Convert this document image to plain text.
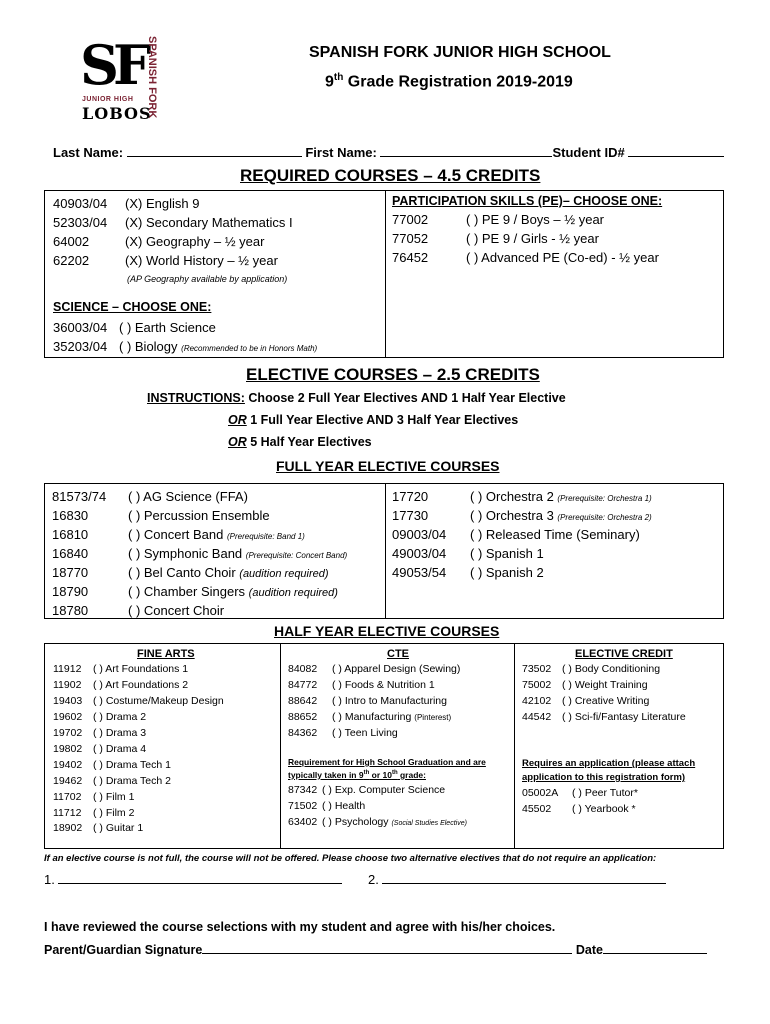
SF SPANISH FORK
JUNIOR HIGH
LOBOS
SPANISH FORK JUNIOR HIGH SCHOOL
9th Grade Registration 2019-2019
Last Name:	First Name:	Student ID#
REQUIRED COURSES – 4.5 CREDITS
40903/04 (X) English 9
52303/04 (X) Secondary Mathematics I
64002	(X) Geography – ½ year
62202	(X) World History – ½ year
(AP Geography available by application)
SCIENCE – CHOOSE ONE:
36003/04 ( ) Earth Science
35203/04 ( ) Biology (Recommended to be in Honors Math)
PARTICIPATION SKILLS (PE)– CHOOSE ONE:
77002	( ) PE 9 / Boys – ½ year
77052	( ) PE 9 / Girls - ½ year
76452	( ) Advanced PE (Co-ed) - ½ year
ELECTIVE COURSES – 2.5 CREDITS
INSTRUCTIONS: Choose 2 Full Year Electives AND 1 Half Year Elective
OR 1 Full Year Elective AND 3 Half Year Electives
OR 5 Half Year Electives
FULL YEAR ELECTIVE COURSES
81573/74 ( ) AG Science (FFA)
16830	( ) Percussion Ensemble
16810	( ) Concert Band (Prerequisite: Band 1)
16840	( ) Symphonic Band (Prerequisite: Concert Band)
18770	( ) Bel Canto Choir (audition required)
18790	( ) Chamber Singers (audition required)
18780	( ) Concert Choir
17720	( ) Orchestra 2 (Prerequisite: Orchestra 1)
17730	( ) Orchestra 3 (Prerequisite: Orchestra 2)
09003/04 ( ) Released Time (Seminary)
49003/04 ( ) Spanish 1
49053/54 ( ) Spanish 2
HALF YEAR ELECTIVE COURSES
FINE ARTS
11912 ( ) Art Foundations 1
11902 ( ) Art Foundations 2
19403 ( ) Costume/Makeup Design
19602 ( ) Drama 2
19702 ( ) Drama 3
19802 ( ) Drama 4
19402 ( ) Drama Tech 1
19462 ( ) Drama Tech 2
11702 ( ) Film 1
11712 ( ) Film 2
18902 ( ) Guitar 1
CTE
84082 ( ) Apparel Design (Sewing)
84772 ( ) Foods & Nutrition 1
88642 ( ) Intro to Manufacturing
88652 ( ) Manufacturing (Pinterest)
84362 ( ) Teen Living
Requirement for High School Graduation and are
typically taken in 9th or 10th grade:
87342 ( ) Exp. Computer Science
71502 ( ) Health
63402 ( ) Psychology (Social Studies Elective)
ELECTIVE CREDIT
73502 ( ) Body Conditioning
75002 ( ) Weight Training
42102 ( ) Creative Writing
44542 ( ) Sci-fi/Fantasy Literature
Requires an application (please attach
application to this registration form)
05002A ( ) Peer Tutor*
45502 ( ) Yearbook *
If an elective course is not full, the course will not be offered. Please choose two alternative electives that do not require an application:
1.	2.
I have reviewed the course selections with my student and agree with his/her choices.
Parent/Guardian Signature	Date
